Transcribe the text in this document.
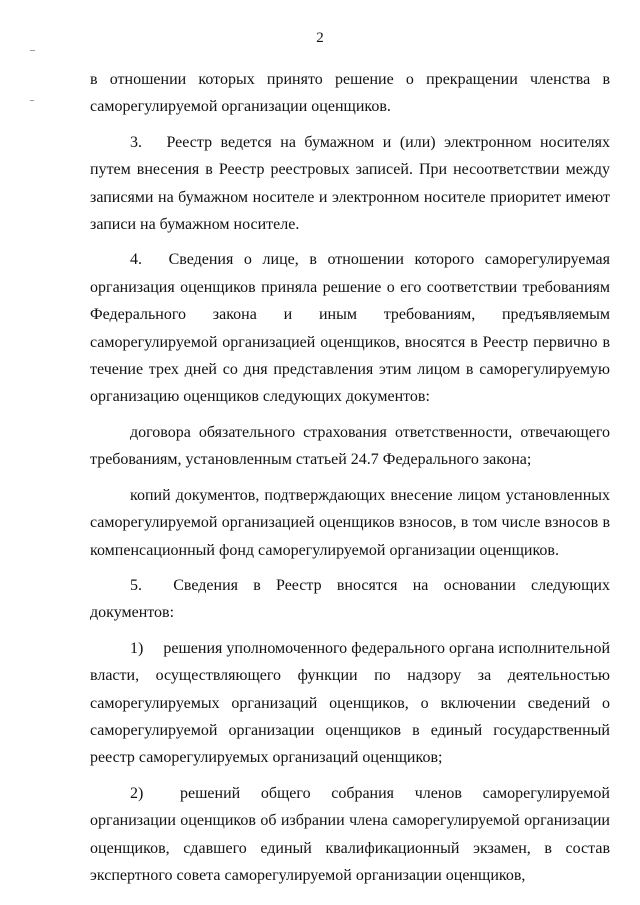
2

в отношении которых принято решение о прекращении членства в саморегулируемой организации оценщиков.

3.  Реестр ведется на бумажном и (или) электронном носителях путем внесения в Реестр реестровых записей. При несоответствии между записями на бумажном носителе и электронном носителе приоритет имеют записи на бумажном носителе.

4.  Сведения о лице, в отношении которого саморегулируемая организация оценщиков приняла решение о его соответствии требованиям Федерального закона и иным требованиям, предъявляемым саморегулируемой организацией оценщиков, вносятся в Реестр первично в течение трех дней со дня представления этим лицом в саморегулируемую организацию оценщиков следующих документов:

договора обязательного страхования ответственности, отвечающего требованиям, установленным статьей 24.7 Федерального закона;

копий документов, подтверждающих внесение лицом установленных саморегулируемой организацией оценщиков взносов, в том числе взносов в компенсационный фонд саморегулируемой организации оценщиков.

5.  Сведения в Реестр вносятся на основании следующих документов:

1)  решения уполномоченного федерального органа исполнительной власти, осуществляющего функции по надзору за деятельностью саморегулируемых организаций оценщиков, о включении сведений о саморегулируемой организации оценщиков в единый государственный реестр саморегулируемых организаций оценщиков;

2)  решений общего собрания членов саморегулируемой организации оценщиков об избрании члена саморегулируемой организации оценщиков, сдавшего единый квалификационный экзамен, в состав экспертного совета саморегулируемой организации оценщиков,
